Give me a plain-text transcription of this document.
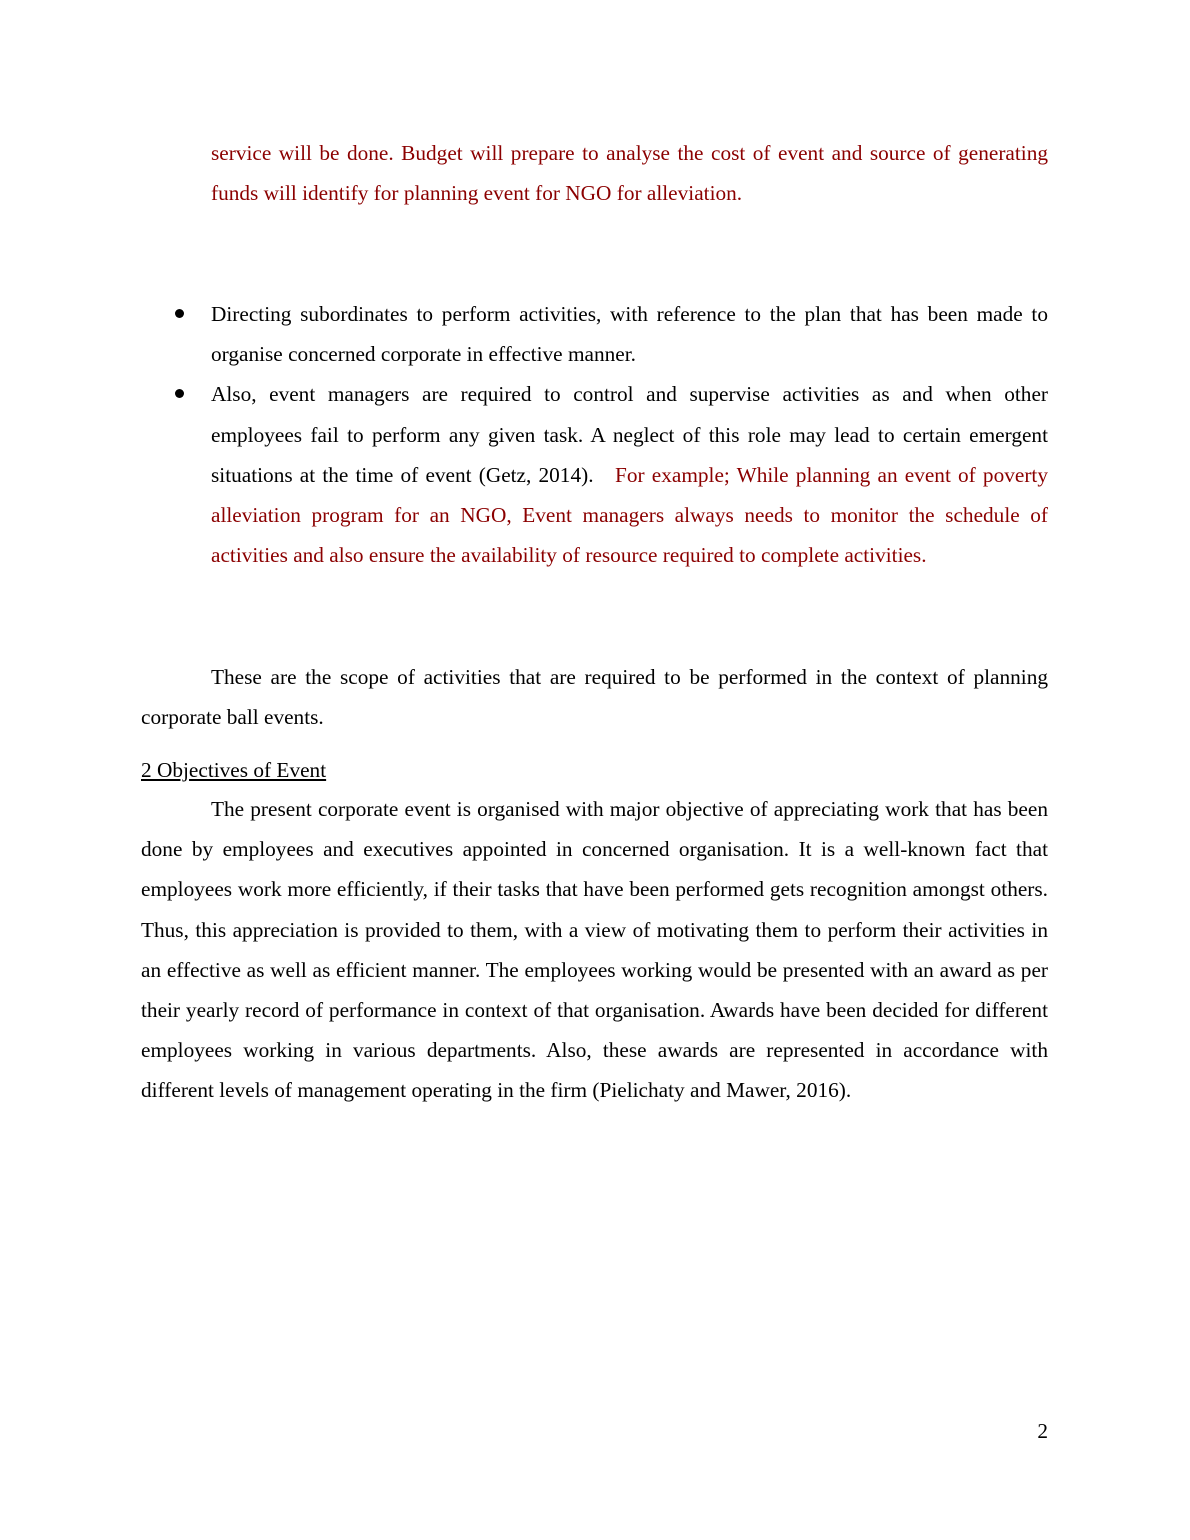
service will be done. Budget will prepare to analyse the cost of event and source of generating funds will identify for planning event for NGO for alleviation.

Directing subordinates to perform activities, with reference to the plan that has been made to organise concerned corporate in effective manner.
Also, event managers are required to control and supervise activities as and when other employees fail to perform any given task. A neglect of this role may lead to certain emergent situations at the time of event (Getz, 2014).   For example; While planning an event of poverty alleviation program for an NGO, Event managers always needs to monitor the schedule of activities and also ensure the availability of resource required to complete activities.

These are the scope of activities that are required to be performed in the context of planning corporate ball events.

2 Objectives of Event

The present corporate event is organised with major objective of appreciating work that has been done by employees and executives appointed in concerned organisation. It is a well-known fact that employees work more efficiently, if their tasks that have been performed gets recognition amongst others. Thus, this appreciation is provided to them, with a view of motivating them to perform their activities in an effective as well as efficient manner. The employees working would be presented with an award as per their yearly record of performance in context of that organisation. Awards have been decided for different employees working in various departments. Also, these awards are represented in accordance with different levels of management operating in the firm (Pielichaty and Mawer, 2016).

2
